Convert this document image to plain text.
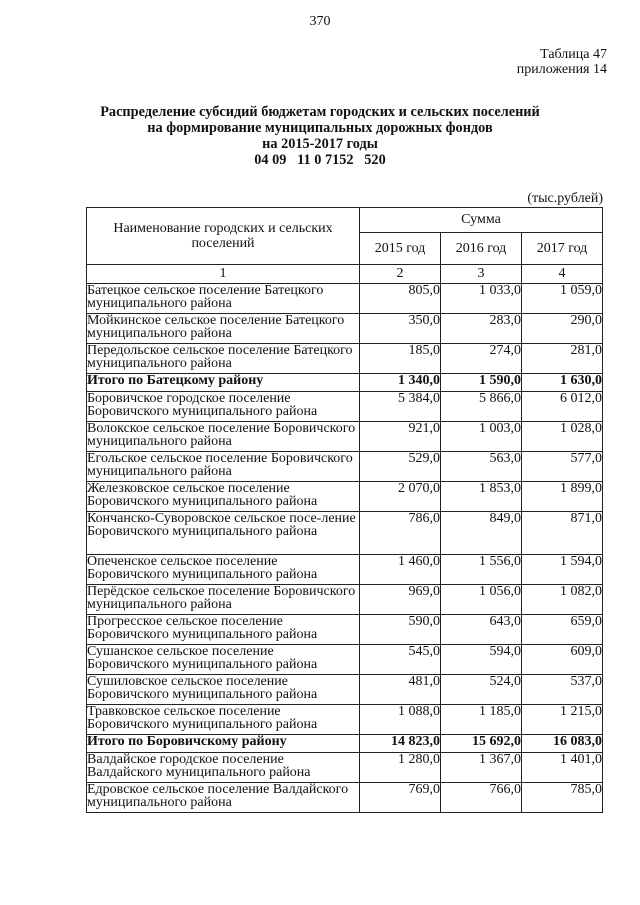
370
Таблица 47
приложения 14
Распределение субсидий бюджетам городских и сельских поселений
на формирование муниципальных дорожных фондов
на 2015-2017 годы
04 09   11 0 7152   520
(тыс.рублей)
Наименование городских и сельских поселений	Сумма		
	2015 год	2016 год	2017 год
1	2	3	4
Батецкое сельское поселение Батецкого муниципального района	805,0	1 033,0	1 059,0
Мойкинское сельское поселение Батецкого муниципального района	350,0	283,0	290,0
Передольское сельское поселение Батецкого муниципального района	185,0	274,0	281,0
Итого по Батецкому району	1 340,0	1 590,0	1 630,0
Боровичское городское поселение Боровичского муниципального района	5 384,0	5 866,0	6 012,0
Волокское сельское поселение Боровичского муниципального района	921,0	1 003,0	1 028,0
Ёгольское сельское поселение Боровичского муниципального района	529,0	563,0	577,0
Железковское сельское поселение Боровичского муниципального района	2 070,0	1 853,0	1 899,0
Кончанско-Суворовское сельское посе-ление Боровичского муниципального района	786,0	849,0	871,0
Опеченское сельское поселение Боровичского муниципального района	1 460,0	1 556,0	1 594,0
Перёдское сельское поселение Боровичского муниципального района	969,0	1 056,0	1 082,0
Прогресское сельское поселение Боровичского муниципального района	590,0	643,0	659,0
Сушанское сельское поселение Боровичского муниципального района	545,0	594,0	609,0
Сушиловское сельское поселение Боровичского муниципального района	481,0	524,0	537,0
Травковское сельское поселение Боровичского муниципального района	1 088,0	1 185,0	1 215,0
Итого по Боровичскому району	14 823,0	15 692,0	16 083,0
Валдайское городское поселение Валдайского муниципального района	1 280,0	1 367,0	1 401,0
Едровское сельское поселение Валдайского муниципального района	769,0	766,0	785,0
